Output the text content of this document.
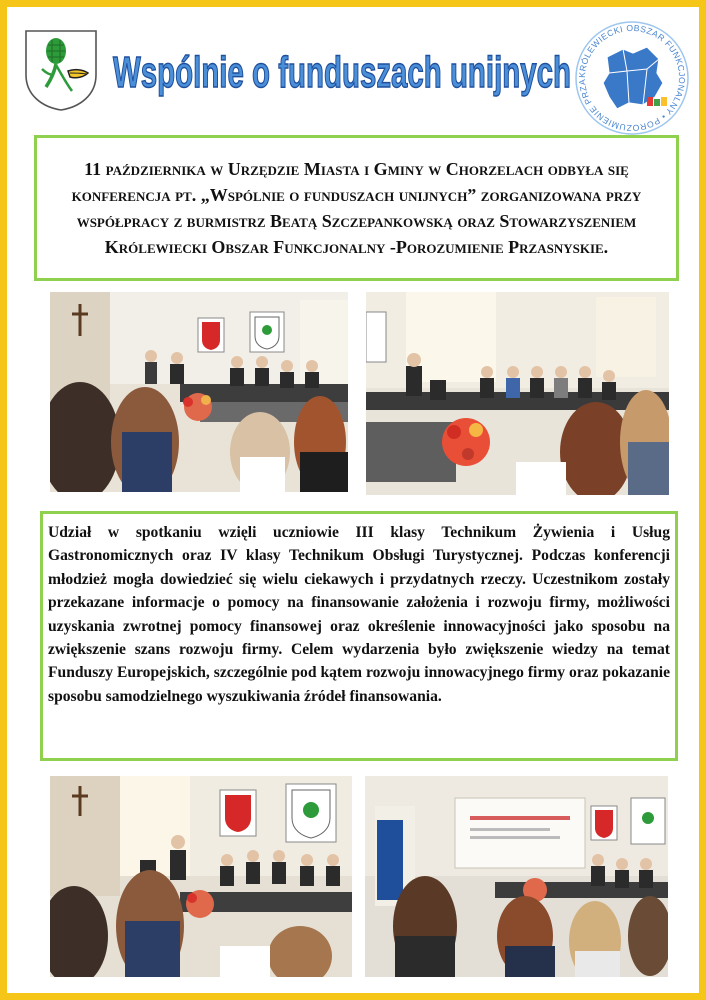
Wspólnie o funduszach unijnych KRÓLEWIECKI OBSZAR FUNKCJONALNY • POROZUMIENIE PRZA

11 października w Urzędzie Miasta i Gminy w Chorzelach odbyła się konferencja pt. „Wspólnie o funduszach unijnych” zorganizowana przy współpracy z burmistrz Beatą Szczepankowską oraz Stowarzyszeniem Królewiecki Obszar Funkcjonalny -Porozumienie Przasnyskie.

Udział w spotkaniu wzięli uczniowie III klasy Technikum Żywienia i Usług Gastronomicznych oraz IV klasy Technikum Obsługi Turystycznej. Podczas konferencji młodzież mogła dowiedzieć się wielu ciekawych i przydatnych rzeczy. Uczestnikom zostały przekazane informacje o pomocy na finansowanie założenia i rozwoju firmy, możliwości uzyskania zwrotnej pomocy finansowej oraz określenie innowacyjności jako sposobu na zwiększenie szans rozwoju firmy. Celem wydarzenia było zwiększenie wiedzy na temat Funduszy Europejskich, szczególnie pod kątem rozwoju innowacyjnego firmy oraz pokazanie sposobu samodzielnego wyszukiwania źródeł finansowania.
